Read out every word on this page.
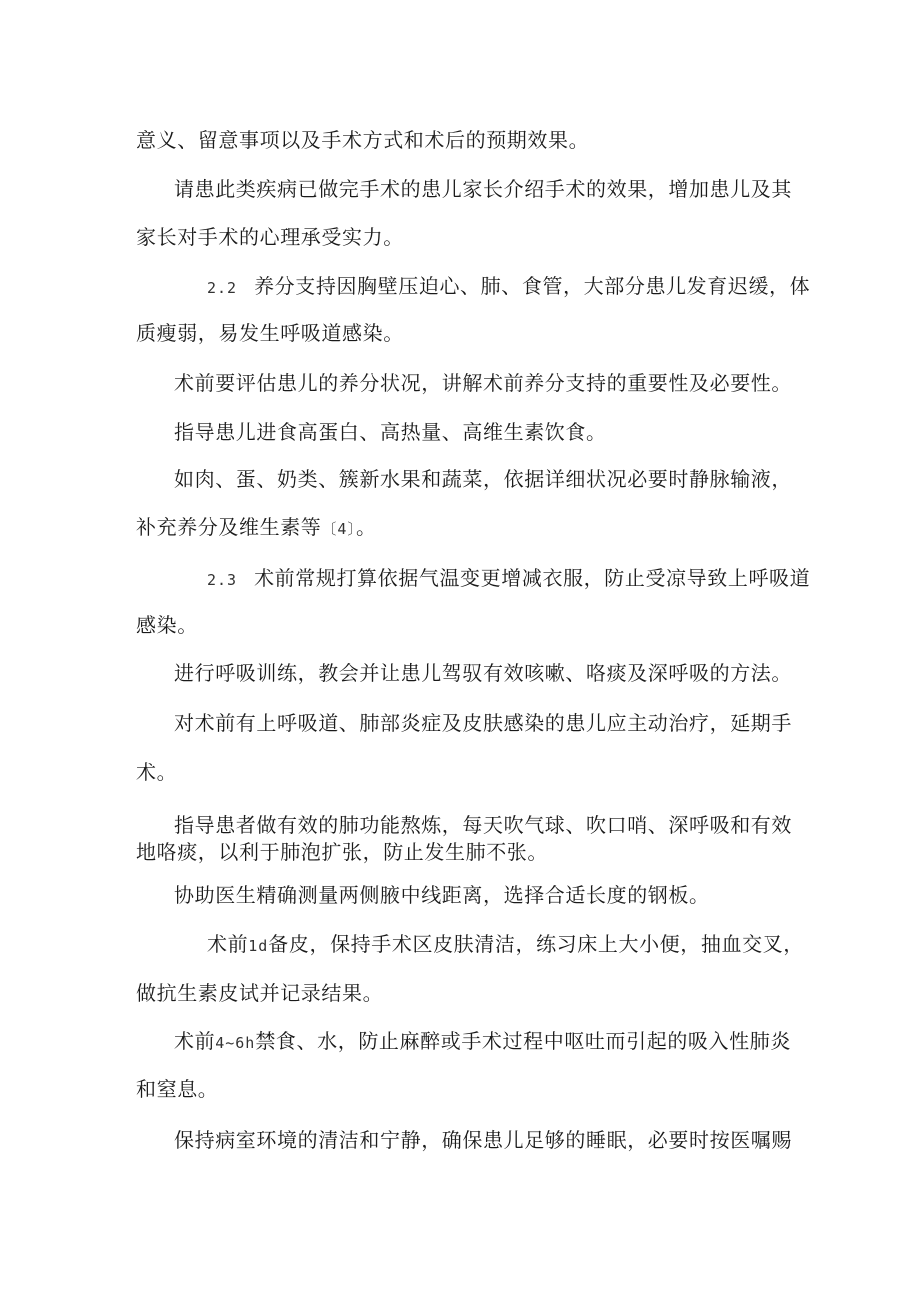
意义、留意事项以及手术方式和术后的预期效果。
请患此类疾病已做完手术的患儿家长介绍手术的效果，增加患儿及其
家长对手术的心理承受实力。
2.2 养分支持因胸壁压迫心、肺、食管，大部分患儿发育迟缓，体
质瘦弱，易发生呼吸道感染。
术前要评估患儿的养分状况，讲解术前养分支持的重要性及必要性。
指导患儿进食高蛋白、高热量、高维生素饮食。
如肉、蛋、奶类、簇新水果和蔬菜，依据详细状况必要时静脉输液，
补充养分及维生素等〔4〕。
2.3 术前常规打算依据气温变更增减衣服，防止受凉导致上呼吸道
感染。
进行呼吸训练，教会并让患儿驾驭有效咳嗽、咯痰及深呼吸的方法。
对术前有上呼吸道、肺部炎症及皮肤感染的患儿应主动治疗，延期手
术。
指导患者做有效的肺功能熬炼，每天吹气球、吹口哨、深呼吸和有效
地咯痰，以利于肺泡扩张，防止发生肺不张。
协助医生精确测量两侧腋中线距离，选择合适长度的钢板。
术前1d备皮，保持手术区皮肤清洁，练习床上大小便，抽血交叉，
做抗生素皮试并记录结果。
术前4~6h禁食、水，防止麻醉或手术过程中呕吐而引起的吸入性肺炎
和窒息。
保持病室环境的清洁和宁静，确保患儿足够的睡眠，必要时按医嘱赐
